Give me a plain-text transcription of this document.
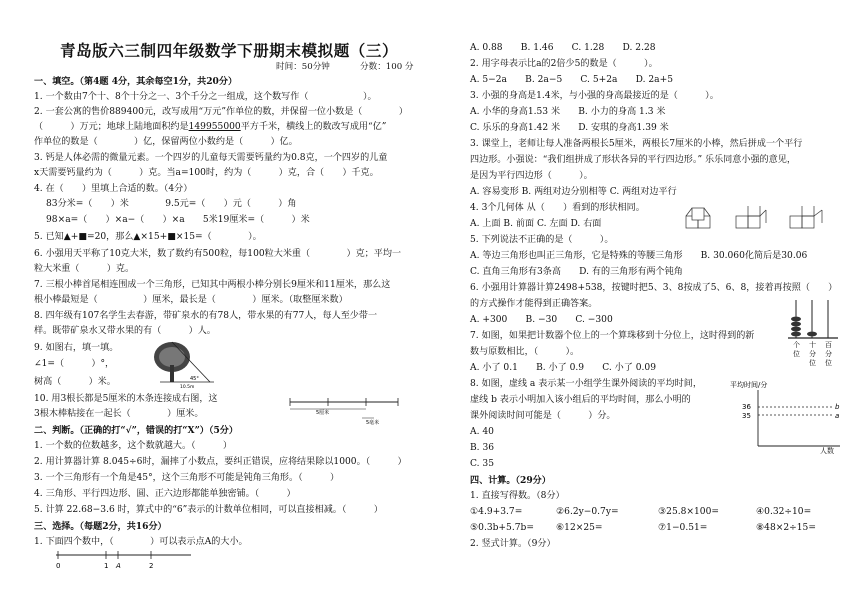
青岛版六三制四年级数学下册期末模拟题（三）
时间：50分钟	分数：100 分
一、填空。（第4题 4分，其余每空1分，共20分）
1. 一个数由7个十、8个十分之一、3个千分之一组成，这个数写作（　　　　　　）。
2. 一套公寓的售价889400元，改写成用“万元”作单位的数，并保留一位小数是（　　　　）
（　　　）万元；地球上陆地面积约是149955000平方千米，横线上的数改写成用“亿”
作单位的数是（　　　　）亿，保留两位小数约是（　　　）亿。
3. 钙是人体必需的微量元素。一个四岁的儿童每天需要钙量约为0.8克，一个四岁的儿童
x天需要钙量约为（　　　）克。当a=100时，约为（　　　）克，合（　　）千克。
4. 在（　　）里填上合适的数。（4分）
83分米=（　　）米　　　　9.5元=（　　）元（　　　）角
98×a=（　　）×a−（　　）×a　　5米19厘米=（　　　）米
5. 已知▲+■=20，那么▲×15+■×15=（　　　　）。
6. 小强用天平称了10克大米，数了数约有500粒，每100粒大米重（　　　　）克；平均一
粒大米重（　　　）克。
7. 三根小棒首尾相连围成一个三角形，已知其中两根小棒分别长9厘米和11厘米，那么这
根小棒最短是（　　　　　）厘米，最长是（　　　　）厘米。（取整厘米数）
8. 四年级有107名学生去春游，带矿泉水的有78人，带水果的有77人，每人至少带一
样。既带矿泉水又带水果的有（　　　）人。
9. 如图右，填一填。
∠1=（　　　）°，
树高（　　　）米。
10. 用3根长都是5厘米的木条连接成右图，这
3根木棒粘接在一起长（　　　　）厘米。
二、判断。（正确的打“√”，错误的打“X”）（5分）
1. 一个数的位数越多，这个数就越大。（　　　）
2. 用计算器计算 8.045÷6时，漏摔了小数点，要纠正错误，应将结果除以1000。（　　　）
3. 一个三角形有一个角是45°，这个三角形不可能是钝角三角形。（　　　）
4. 三角形、平行四边形、圆、正六边形都能单独密铺。（　　　）
5. 计算 22.68−3.6 时，算式中的“6”表示的计数单位相同，可以直接相减。（　　　）
三、选择。（每题2分，共16分）
1. 下面四个数中，（　　　　）可以表示点A的大小。
45°
10.5m
5厘米
5毫米
0	1 A	2
A. 0.88　　B. 1.46　　C. 1.28　　D. 2.28
2. 用字母表示比a的2倍少5的数是（　　　）。
A. 5−2a　　B. 2a−5　　C. 5+2a　　D. 2a+5
3. 小强的身高是1.4米，与小强的身高最接近的是（　　　）。
A. 小华的身高1.53 米　　B. 小力的身高 1.3 米
C. 乐乐的身高1.42 米　　D. 安琪的身高1.39 米
3. 课堂上，老师让每人准备两根长5厘米，两根长7厘米的小棒，然后拼成一个平行
四边形。小强说：“我们组拼成了形状各异的平行四边形。” 乐乐同意小强的意见，
是因为平行四边形（　　　）。
A. 容易变形 B. 两组对边分别相等 C. 两组对边平行
4. 3个几何体 从（　　）看到的形状相同。
A. 上面 B. 前面 C. 左面 D. 右面
5. 下列说法不正确的是（　　　）。
A. 等边三角形也叫正三角形，它是特殊的等腰三角形　　B. 30.060化简后是30.06
C. 直角三角形有3条高　　D. 有的三角形有两个钝角
6. 小强用计算器计算2498+538，按键时把5、3、8按成了5、6、8，接着再按照（　　）
的方式操作才能得到正确答案。
A. +300　　B. −30　　C. −300
7. 如图，如果把计数器个位上的一个算珠移到十分位上，这时得到的新
数与原数相比，（　　　）。
A. 小了 0.1　　B. 小了 0.9　　C. 小了 0.09
8. 如图，虚线 a 表示某一小组学生课外阅读的平均时间，
虚线 b 表示小明加入该小组后的平均时间，那么小明的
课外阅读时间可能是（　　　）分。
A. 40
B. 36
C. 35
四、计算。（29分）
1. 直接写得数。（8分）
①4.9+3.7=	②6.2y−0.7y=	③25.8×100=	④0.32÷10=
⑤0.3b+5.7b= ⑥12×25=	⑦1−0.51=	⑧48×2÷15=
2. 竖式计算。（9分）
个
位
十
分
位
百
分
位
平均时间/分
36
35
b
a
人数
